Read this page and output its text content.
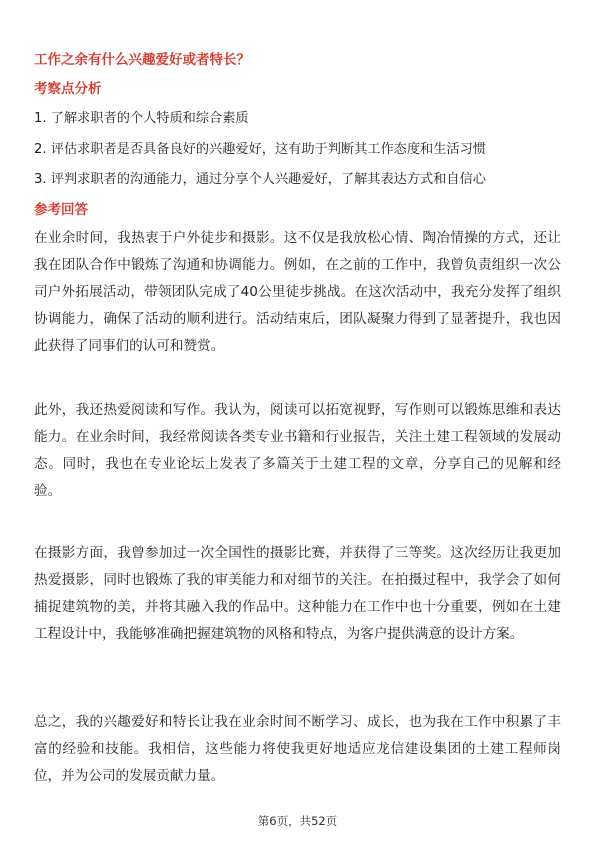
工作之余有什么兴趣爱好或者特长？
考察点分析
1. 了解求职者的个人特质和综合素质
2. 评估求职者是否具备良好的兴趣爱好，这有助于判断其工作态度和生活习惯
3. 评判求职者的沟通能力，通过分享个人兴趣爱好，了解其表达方式和自信心
参考回答

在业余时间，我热衷于户外徒步和摄影。这不仅是我放松心情、陶冶情操的方式，还让我在团队合作中锻炼了沟通和协调能力。例如，在之前的工作中，我曾负责组织一次公司户外拓展活动，带领团队完成了40公里徒步挑战。在这次活动中，我充分发挥了组织协调能力，确保了活动的顺利进行。活动结束后，团队凝聚力得到了显著提升，我也因此获得了同事们的认可和赞赏。

此外，我还热爱阅读和写作。我认为，阅读可以拓宽视野，写作则可以锻炼思维和表达能力。在业余时间，我经常阅读各类专业书籍和行业报告，关注土建工程领域的发展动态。同时，我也在专业论坛上发表了多篇关于土建工程的文章，分享自己的见解和经验。

在摄影方面，我曾参加过一次全国性的摄影比赛，并获得了三等奖。这次经历让我更加热爱摄影，同时也锻炼了我的审美能力和对细节的关注。在拍摄过程中，我学会了如何捕捉建筑物的美，并将其融入我的作品中。这种能力在工作中也十分重要，例如在土建工程设计中，我能够准确把握建筑物的风格和特点，为客户提供满意的设计方案。

总之，我的兴趣爱好和特长让我在业余时间不断学习、成长，也为我在工作中积累了丰富的经验和技能。我相信，这些能力将使我更好地适应龙信建设集团的土建工程师岗位，并为公司的发展贡献力量。

第6页，共52页
